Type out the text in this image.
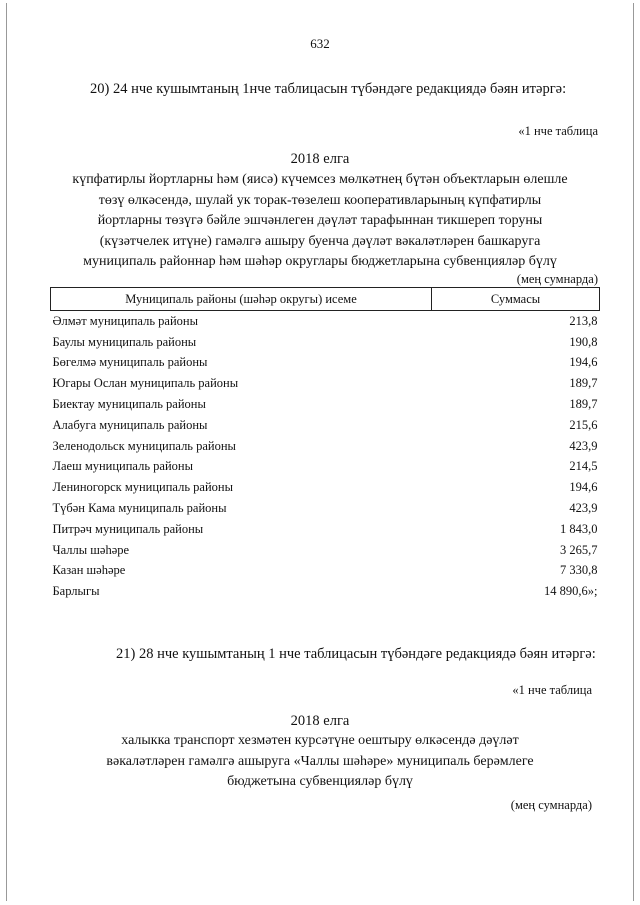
632
20) 24 нче кушымтаның 1нче таблицасын түбәндәге редакциядә бәян итәргә:
«1 нче таблица
2018 елга
күпфатирлы йортларны һәм (яисә) күчемсез мөлкәтнең бүтән объектларын өлешле
төзү өлкәсендә, шулай ук торак-төзелеш кооперативларының күпфатирлы
йортларны төзүгә бәйле эшчәнлеген дәүләт тарафыннан тикшереп торуны
(күзәтчелек итүне) гамәлгә ашыру буенча дәүләт вәкаләтләрен башкаруга
муниципаль районнар һәм шәһәр округлары бюджетларына субвенцияләр бүлү
(мең сумнарда)
Муниципаль районы (шәһәр округы) исеме	Суммасы
Әлмәт муниципаль районы	213,8
Баулы муниципаль районы	190,8
Бөгелмә муниципаль районы	194,6
Югары Ослан муниципаль районы	189,7
Биектау муниципаль районы	189,7
Алабуга муниципаль районы	215,6
Зеленодольск муниципаль районы	423,9
Лаеш муниципаль районы	214,5
Лениногорск муниципаль районы	194,6
Түбән Кама муниципаль районы	423,9
Питрәч муниципаль районы	1 843,0
Чаллы шәһәре	3 265,7
Казан шәһәре	7 330,8
Барлыгы	14 890,6»;
21) 28 нче кушымтаның 1 нче таблицасын түбәндәге редакциядә бәян итәргә:
«1 нче таблица
2018 елга
халыкка транспорт хезмәтен курсәтүне оештыру өлкәсендә дәүләт
вәкаләтләрен гамәлгә ашыруга «Чаллы шәһәре» муниципаль берәмлеге
бюджетына субвенцияләр бүлү
(мең сумнарда)
